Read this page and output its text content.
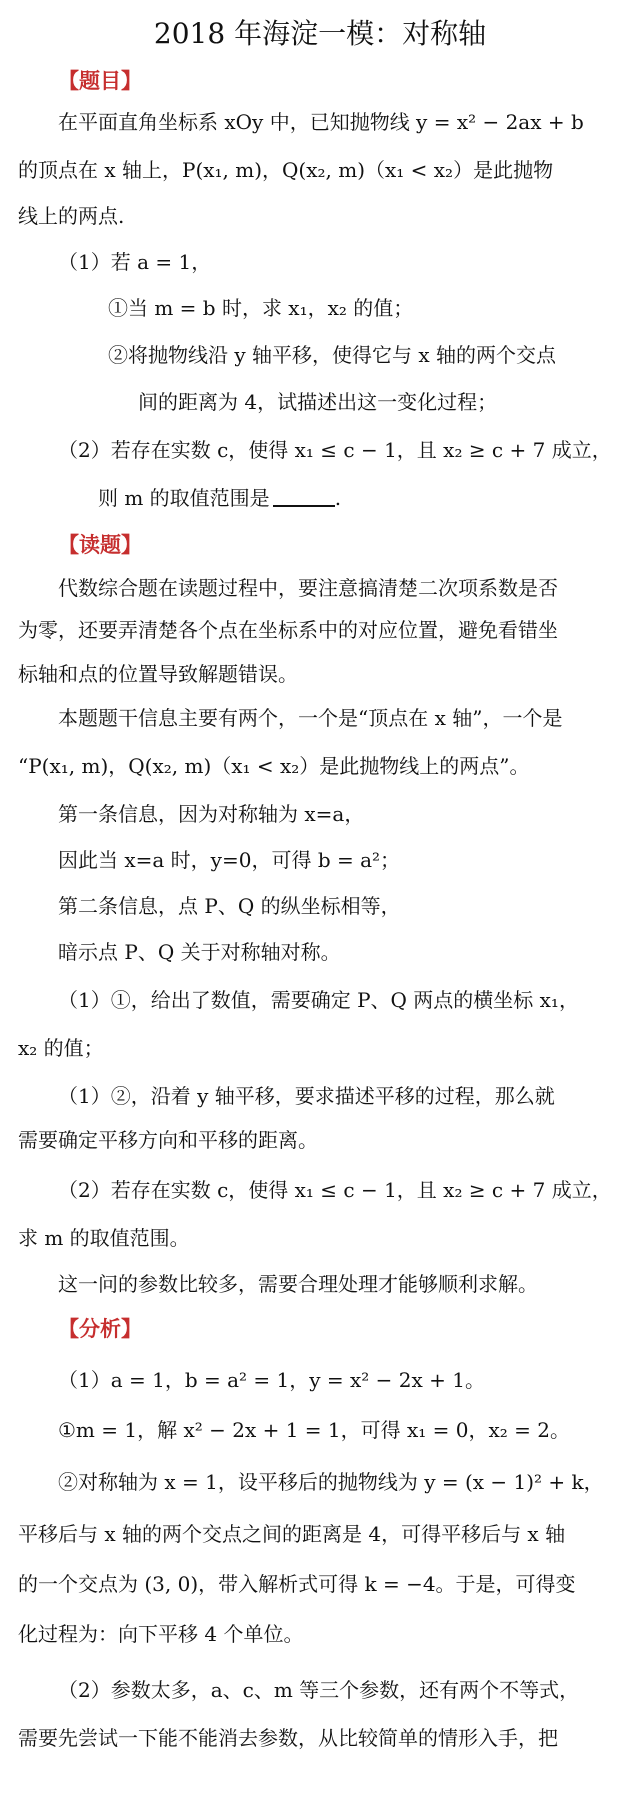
2018 年海淀一模：对称轴
【题目】
在平面直角坐标系 xOy 中，已知抛物线 y = x² − 2ax + b
的顶点在 x 轴上，P(x₁, m)，Q(x₂, m)（x₁ < x₂）是此抛物
线上的两点.
（1）若 a = 1，
①当 m = b 时，求 x₁，x₂ 的值；
②将抛物线沿 y 轴平移，使得它与 x 轴的两个交点
间的距离为 4，试描述出这一变化过程；
（2）若存在实数 c，使得 x₁ ≤ c − 1，且 x₂ ≥ c + 7 成立，
则 m 的取值范围是	.
【读题】
代数综合题在读题过程中，要注意搞清楚二次项系数是否
为零，还要弄清楚各个点在坐标系中的对应位置，避免看错坐
标轴和点的位置导致解题错误。
本题题干信息主要有两个，一个是“顶点在 x 轴”，一个是
“P(x₁, m)，Q(x₂, m)（x₁ < x₂）是此抛物线上的两点”。
第一条信息，因为对称轴为 x=a，
因此当 x=a 时，y=0，可得 b = a²；
第二条信息，点 P、Q 的纵坐标相等，
暗示点 P、Q 关于对称轴对称。
（1）①，给出了数值，需要确定 P、Q 两点的横坐标 x₁，
x₂ 的值；
（1）②，沿着 y 轴平移，要求描述平移的过程，那么就
需要确定平移方向和平移的距离。
（2）若存在实数 c，使得 x₁ ≤ c − 1，且 x₂ ≥ c + 7 成立，
求 m 的取值范围。
这一问的参数比较多，需要合理处理才能够顺利求解。
【分析】
（1）a = 1，b = a² = 1，y = x² − 2x + 1。
①m = 1，解 x² − 2x + 1 = 1，可得 x₁ = 0，x₂ = 2。
②对称轴为 x = 1，设平移后的抛物线为 y = (x − 1)² + k，
平移后与 x 轴的两个交点之间的距离是 4，可得平移后与 x 轴
的一个交点为 (3, 0)，带入解析式可得 k = −4。于是，可得变
化过程为：向下平移 4 个单位。
（2）参数太多，a、c、m 等三个参数，还有两个不等式，
需要先尝试一下能不能消去参数，从比较简单的情形入手，把
